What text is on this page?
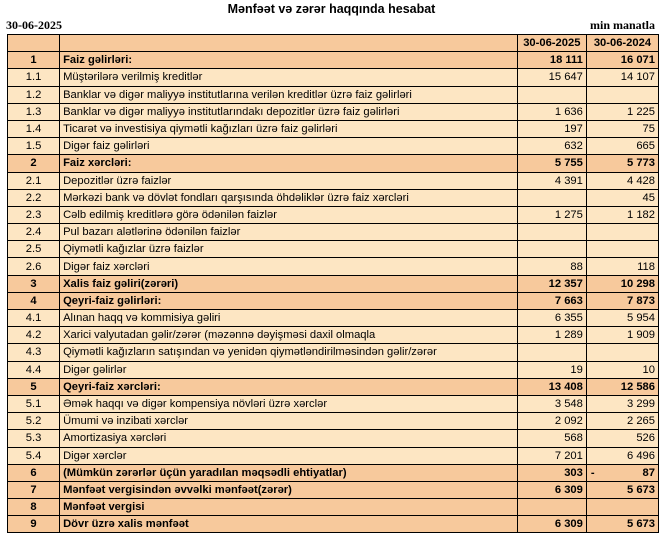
Mənfəət və zərər haqqında hesabat
30-06-2025	min manatla
		30-06-2025	30-06-2024
1	Faiz gəlirləri:	18 111	16 071
1.1	Müştərilərə verilmiş kreditlər	15 647	14 107
1.2	Banklar və digər maliyyə institutlarına verilən kreditlər üzrə faiz gəlirləri		
1.3	Banklar və digər maliyyə institutlarındakı depozitlər üzrə faiz gəlirləri	1 636	1 225
1.4	Ticarət və investisiya qiymətli kağızları üzrə faiz gəlirləri	197	75
1.5	Digər faiz gəlirləri	632	665
2	Faiz xərcləri:	5 755	5 773
2.1	Depozitlər üzrə faizlər	4 391	4 428
2.2	Mərkəzi bank və dövlət fondları qarşısında öhdəliklər üzrə faiz xərcləri		45
2.3	Cəlb edilmiş kreditlərə görə ödənilən faizlər	1 275	1 182
2.4	Pul bazarı alətlərinə ödənilən faizlər		
2.5	Qiymətli kağızlar üzrə faizlər		
2.6	Digər faiz xərcləri	88	118
3	Xalis faiz gəliri(zərəri)	12 357	10 298
4	Qeyri-faiz gəlirləri:	7 663	7 873
4.1	Alınan haqq və kommisiya gəliri	6 355	5 954
4.2	Xarici valyutadan gəlir/zərər (məzənnə dəyişməsi daxil olmaqla	1 289	1 909
4.3	Qiymətli kağızların satışından və yenidən qiymətləndirilməsindən gəlir/zərər		
4.4	Digər gəlirlər	19	10
5	Qeyri-faiz xərcləri:	13 408	12 586
5.1	Əmək haqqı və digər kompensiya növləri üzrə xərclər	3 548	3 299
5.2	Ümumi və inzibati xərclər	2 092	2 265
5.3	Amortizasiya xərcləri	568	526
5.4	Digər xərclər	7 201	6 496
6	(Mümkün zərərlər üçün yaradılan məqsədli ehtiyatlar)	303	- 87
7	Mənfəət vergisindən əvvəlki mənfəət(zərər)	6 309	5 673
8	Mənfəət vergisi		
9	Dövr üzrə xalis mənfəət	6 309	5 673
